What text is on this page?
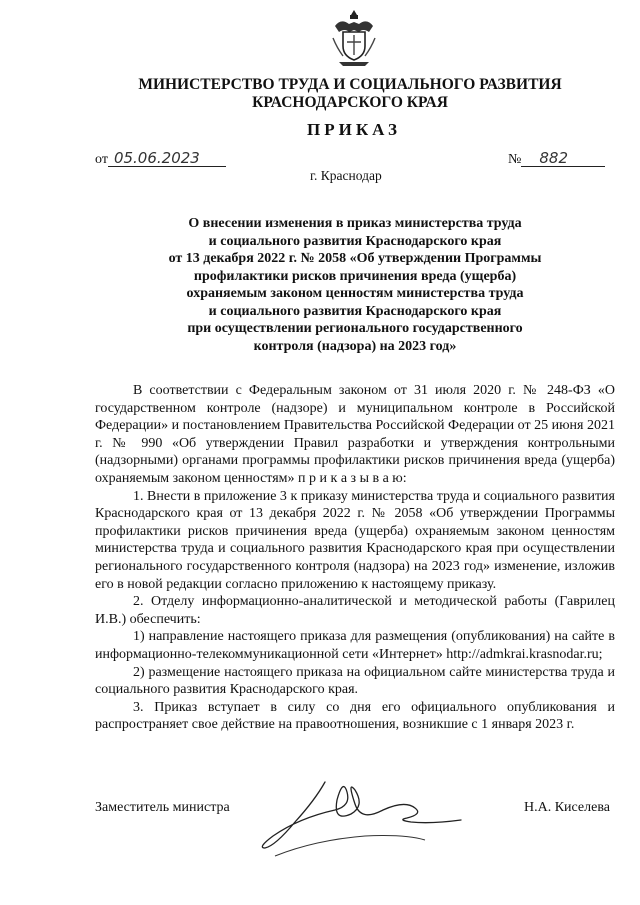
МИНИСТЕРСТВО ТРУДА И СОЦИАЛЬНОГО РАЗВИТИЯ
КРАСНОДАРСКОГО КРАЯ
ПРИКАЗ
от 05.06.2023	№ 882
г. Краснодар
О внесении изменения в приказ министерства труда
и социального развития Краснодарского края
от 13 декабря 2022 г. № 2058 «Об утверждении Программы
профилактики рисков причинения вреда (ущерба)
охраняемым законом ценностям министерства труда
и социального развития Краснодарского края
при осуществлении регионального государственного
контроля (надзора) на 2023 год»

В соответствии с Федеральным законом от 31 июля 2020 г. № 248-ФЗ «О государственном контроле (надзоре) и муниципальном контроле в Российской Федерации» и постановлением Правительства Российской Федерации от 25 июня 2021 г. № 990 «Об утверждении Правил разработки и утверждения контрольными (надзорными) органами программы профилактики рисков причинения вреда (ущерба) охраняемым законом ценностям» п р и к а з ы в а ю:

1. Внести в приложение 3 к приказу министерства труда и социального развития Краснодарского края от 13 декабря 2022 г. № 2058 «Об утверждении Программы профилактики рисков причинения вреда (ущерба) охраняемым законом ценностям министерства труда и социального развития Краснодарского края при осуществлении регионального государственного контроля (надзора) на 2023 год» изменение, изложив его в новой редакции согласно приложению к настоящему приказу.

2. Отделу информационно-аналитической и методической работы (Гаврилец И.В.) обеспечить:

1) направление настоящего приказа для размещения (опубликования) на сайте в информационно-телекоммуникационной сети «Интернет» http://admkrai.krasnodar.ru;

2) размещение настоящего приказа на официальном сайте министерства труда и социального развития Краснодарского края.

3. Приказ вступает в силу со дня его официального опубликования и распространяет свое действие на правоотношения, возникшие с 1 января 2023 г.

Заместитель министра	Н.А. Киселева
